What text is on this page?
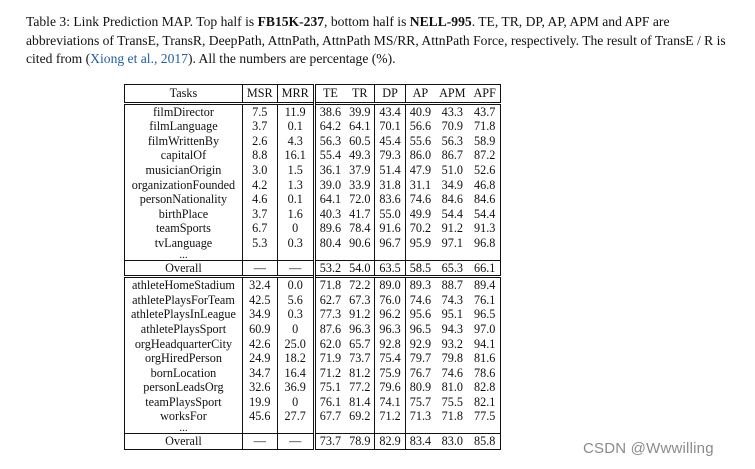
Table 3: Link Prediction MAP. Top half is FB15K-237, bottom half is NELL-995. TE, TR, DP, AP, APM and APF are abbreviations of TransE, TransR, DeepPath, AttnPath, AttnPath MS/RR, AttnPath Force, respectively. The result of TransE / R is cited from (Xiong et al., 2017). All the numbers are percentage (%).
Tasks	MSR	MRR	TE	TR	DP	AP	APM	APF
filmDirector	7.5	11.9	38.6	39.9	43.4	40.9	43.3	43.7
filmLanguage	3.7	0.1	64.2	64.1	70.1	56.6	70.9	71.8
filmWrittenBy	2.6	4.3	56.3	60.5	45.4	55.6	56.3	58.9
capitalOf	8.8	16.1	55.4	49.3	79.3	86.0	86.7	87.2
musicianOrigin	3.0	1.5	36.1	37.9	51.4	47.9	51.0	52.6
organizationFounded	4.2	1.3	39.0	33.9	31.8	31.1	34.9	46.8
personNationality	4.6	0.1	64.1	72.0	83.6	74.6	84.6	84.6
birthPlace	3.7	1.6	40.3	41.7	55.0	49.9	54.4	54.4
teamSports	6.7	0	89.6	78.4	91.6	70.2	91.2	91.3
tvLanguage	5.3	0.3	80.4	90.6	96.7	95.9	97.1	96.8
...								
Overall	—	—	53.2	54.0	63.5	58.5	65.3	66.1
athleteHomeStadium	32.4	0.0	71.8	72.2	89.0	89.3	88.7	89.4
athletePlaysForTeam	42.5	5.6	62.7	67.3	76.0	74.6	74.3	76.1
athletePlaysInLeague	34.9	0.3	77.3	91.2	96.2	95.6	95.1	96.5
athletePlaysSport	60.9	0	87.6	96.3	96.3	96.5	94.3	97.0
orgHeadquarterCity	42.6	25.0	62.0	65.7	92.8	92.9	93.2	94.1
orgHiredPerson	24.9	18.2	71.9	73.7	75.4	79.7	79.8	81.6
bornLocation	34.7	16.4	71.2	81.2	75.9	76.7	74.6	78.6
personLeadsOrg	32.6	36.9	75.1	77.2	79.6	80.9	81.0	82.8
teamPlaysSport	19.9	0	76.1	81.4	74.1	75.7	75.5	82.1
worksFor	45.6	27.7	67.7	69.2	71.2	71.3	71.8	77.5
...								
Overall	—	—	73.7	78.9	82.9	83.4	83.0	85.8	CSDN @Wwwilling
